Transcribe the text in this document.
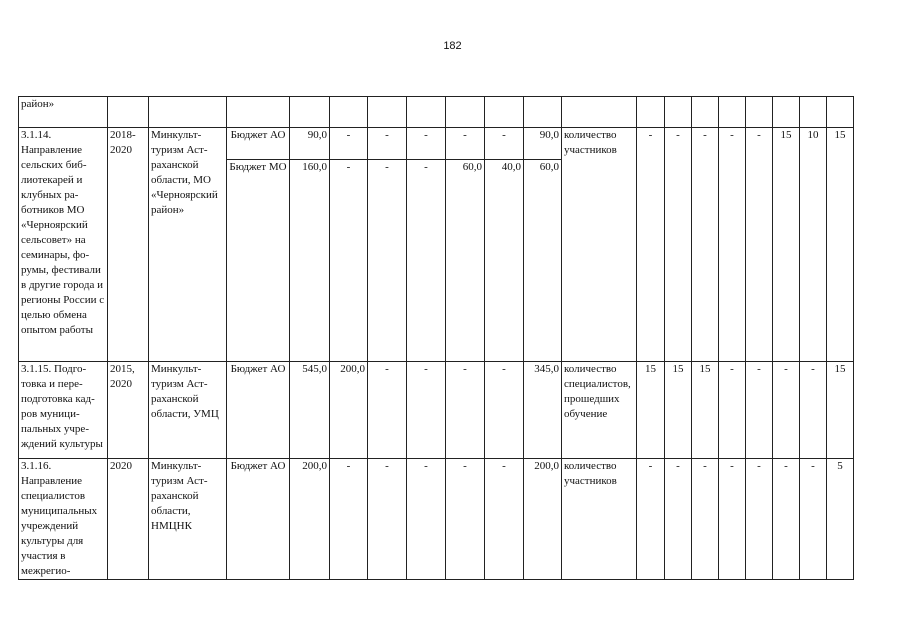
182
район»																			
3.1.14. Направление сельских библиотекарей и клубных работников МО «Черноярский сельсовет» на семинары, форумы, фестивали в другие города и регионы России с целью обмена опытом работы	2018-2020	Минкульттуризм Астраханской области, МО «Черноярский район»	Бюджет АО	90,0	-	-	-	-	-	90,0	количество участников	-	-	-	-	-	15	10	15
			Бюджет МО	160,0	-	-	-	60,0	40,0	60,0									
3.1.15. Подготовка и переподготовка кадров муниципальных учреждений культуры	2015, 2020	Минкульттуризм Астраханской области, УМЦ	Бюджет АО	545,0	200,0	-	-	-	-	345,0	количество специалистов, прошедших обучение	15	15	15	-	-	-	-	15
3.1.16. Направление специалистов муниципальных учреждений культуры для участия в межрегио-	2020	Минкульттуризм Астраханской области, НМЦНК	Бюджет АО	200,0	-	-	-	-	-	200,0	количество участников	-	-	-	-	-	-	-	5
